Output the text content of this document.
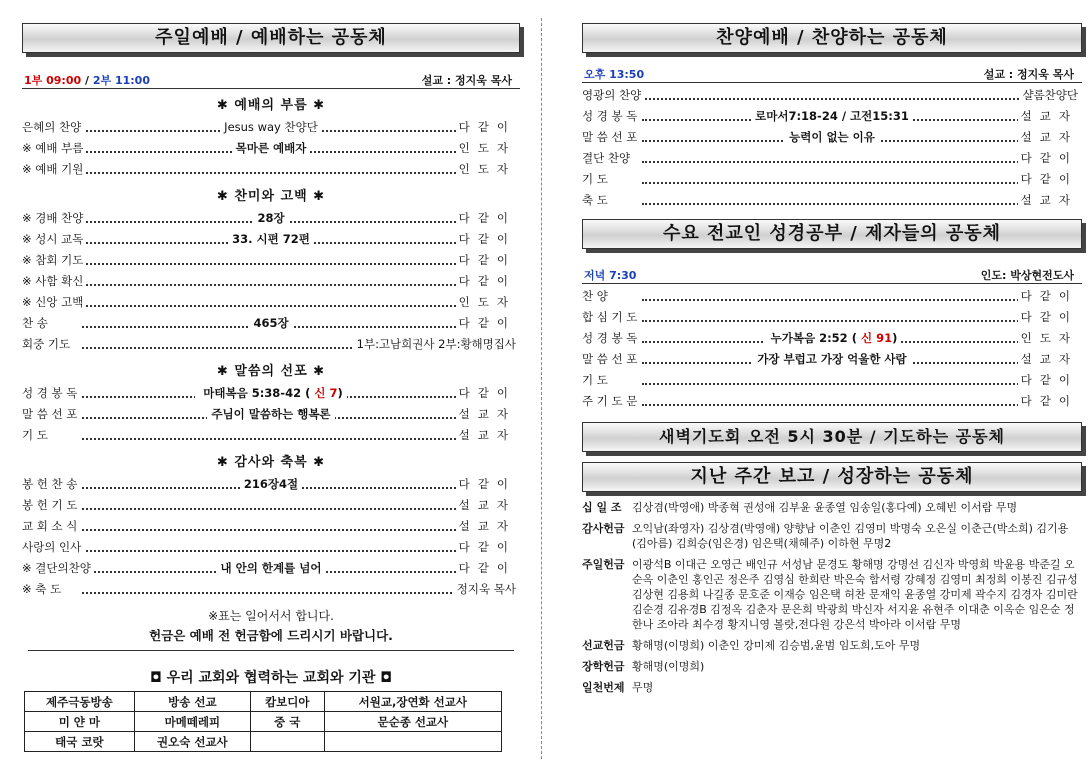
주일예배 / 예배하는 공동체
1부 09:00 / 2부 11:00	설교 : 정지욱 목사
✱ 예배의 부름 ✱
은혜의 찬양	Jesus way 찬양단	다같이
※ 예배 부름	목마른 예배자	인도자
※ 예배 기원	인도자
✱ 찬미와 고백 ✱
※ 경배 찬양	28장	다같이
※ 성시 교독	33. 시편 72편	다같이
※ 참회 기도	다같이
※ 사함 확신	다같이
※ 신앙 고백	인도자
찬 송	465장	다같이
회중 기도	1부:고남희권사 2부:황해명집사
✱ 말씀의 선포 ✱
성 경 봉 독	마태복음 5:38-42 ( 신 7)	다같이
말 씀 선 포	주님이 말씀하는 행복론	설교자
기 도	설교자
✱ 감사와 축복 ✱
봉 헌 찬 송	216장4절	다같이
봉 헌 기 도	설교자
교 회 소 식	설교자
사랑의 인사	다같이
※ 결단의찬양	내 안의 한계를 넘어	다같이
※ 축 도	정지욱 목사
※표는 일어서서 합니다.
헌금은 예배 전 헌금함에 드리시기 바랍니다.
◘ 우리 교회와 협력하는 교회와 기관 ◘
제주극동방송	방송 선교	캄보디아	서원교,장연화 선교사
미 얀 마	마메떼레피	중 국	문순종 선교사
태국 코랏	권오숙 선교사		
찬양예배 / 찬양하는 공동체
오후 13:50	설교 : 정지욱 목사
영광의 찬양	샬롬찬양단
성 경 봉 독	로마서7:18-24 / 고전15:31	설교자
말 씀 선 포	능력이 없는 이유	설교자
결단 찬양	다같이
기 도	다같이
축 도	설교자
수요 전교인 성경공부 / 제자들의 공동체
저녁 7:30	인도: 박상현전도사
찬 양	다같이
합 심 기 도	다같이
성 경 봉 독	누가복음 2:52 ( 신 91)	인도자
말 씀 선 포	가장 부럽고 가장 억울한 사람	설교자
기 도	다같이
주 기 도 문	다같이
새벽기도회 오전 5시 30분 / 기도하는 공동체
지난 주간 보고 / 성장하는 공동체
십 일 조 김상겸(박영애) 박종혁 권성애 김부윤 윤종열 임송일(홍다예) 오혜빈 이서람 무명
감사헌금 오익남(좌영자) 김상겸(박영애) 양향남 이춘인 김영미 박명숙 오은실 이춘근(박소희) 김기용(김아름) 김희승(임은경) 임은택(채혜주) 이하현 무명2
주일헌금 이광석B 이대근 오영근 배인규 서성남 문경도 황해명 강명선 김신자 박영희 박윤용 박준길 오순옥 이춘인 홍인곤 정은주 김영심 한희란 박은숙 함서령 강혜정 김영미 최정희 이봉진 김규성 김상현 김용희 나길종 문호준 이재승 임은택 허찬 문재익 윤종열 강미제 곽수지 김경자 김미란 김순경 김유경B 김정옥 김춘자 문은희 박광희 박신자 서지윤 유현주 이대춘 이옥순 임은순 정한나 조아라 최수경 황지니영 볼랏,전다원 강은석 박아라 이서람 무명
선교헌금 황해명(이명희) 이춘인 강미제 김승범,윤범 임도희,도아 무명
장학헌금 황해명(이명희)
일천번제 무명
